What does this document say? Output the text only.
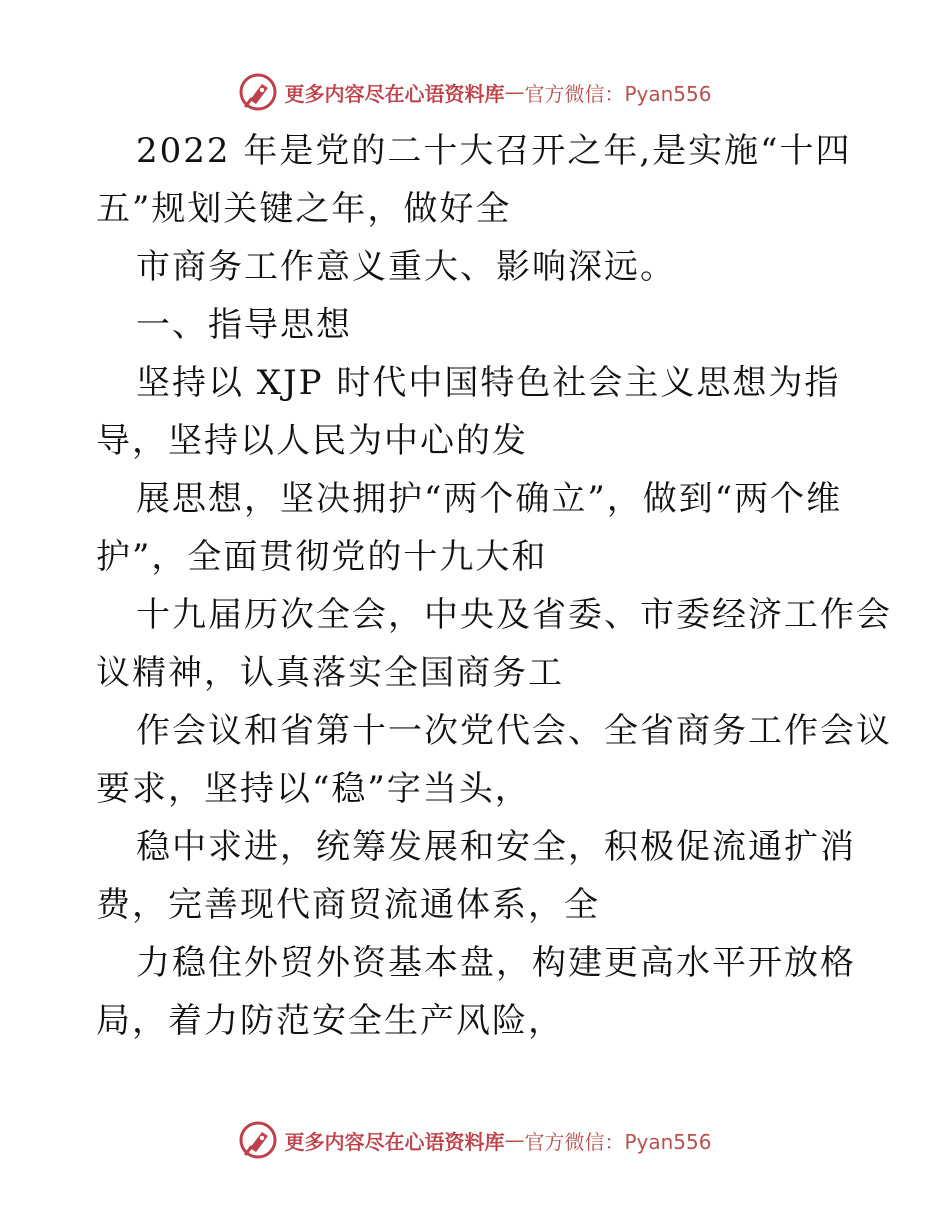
更多内容尽在心语资料库 — 官方微信：Pyan556
2022 年是党的二十大召开之年,是实施“十四
五”规划关键之年，做好全
市商务工作意义重大、影响深远。
一、指导思想
坚持以 XJP 时代中国特色社会主义思想为指
导，坚持以人民为中心的发
展思想，坚决拥护“两个确立”，做到“两个维
护”，全面贯彻党的十九大和
十九届历次全会，中央及省委、市委经济工作会
议精神，认真落实全国商务工
作会议和省第十一次党代会、全省商务工作会议
要求，坚持以“稳”字当头，
稳中求进，统筹发展和安全，积极促流通扩消
费，完善现代商贸流通体系，全
力稳住外贸外资基本盘，构建更高水平开放格
局，着力防范安全生产风险，
更多内容尽在心语资料库 — 官方微信：Pyan556
